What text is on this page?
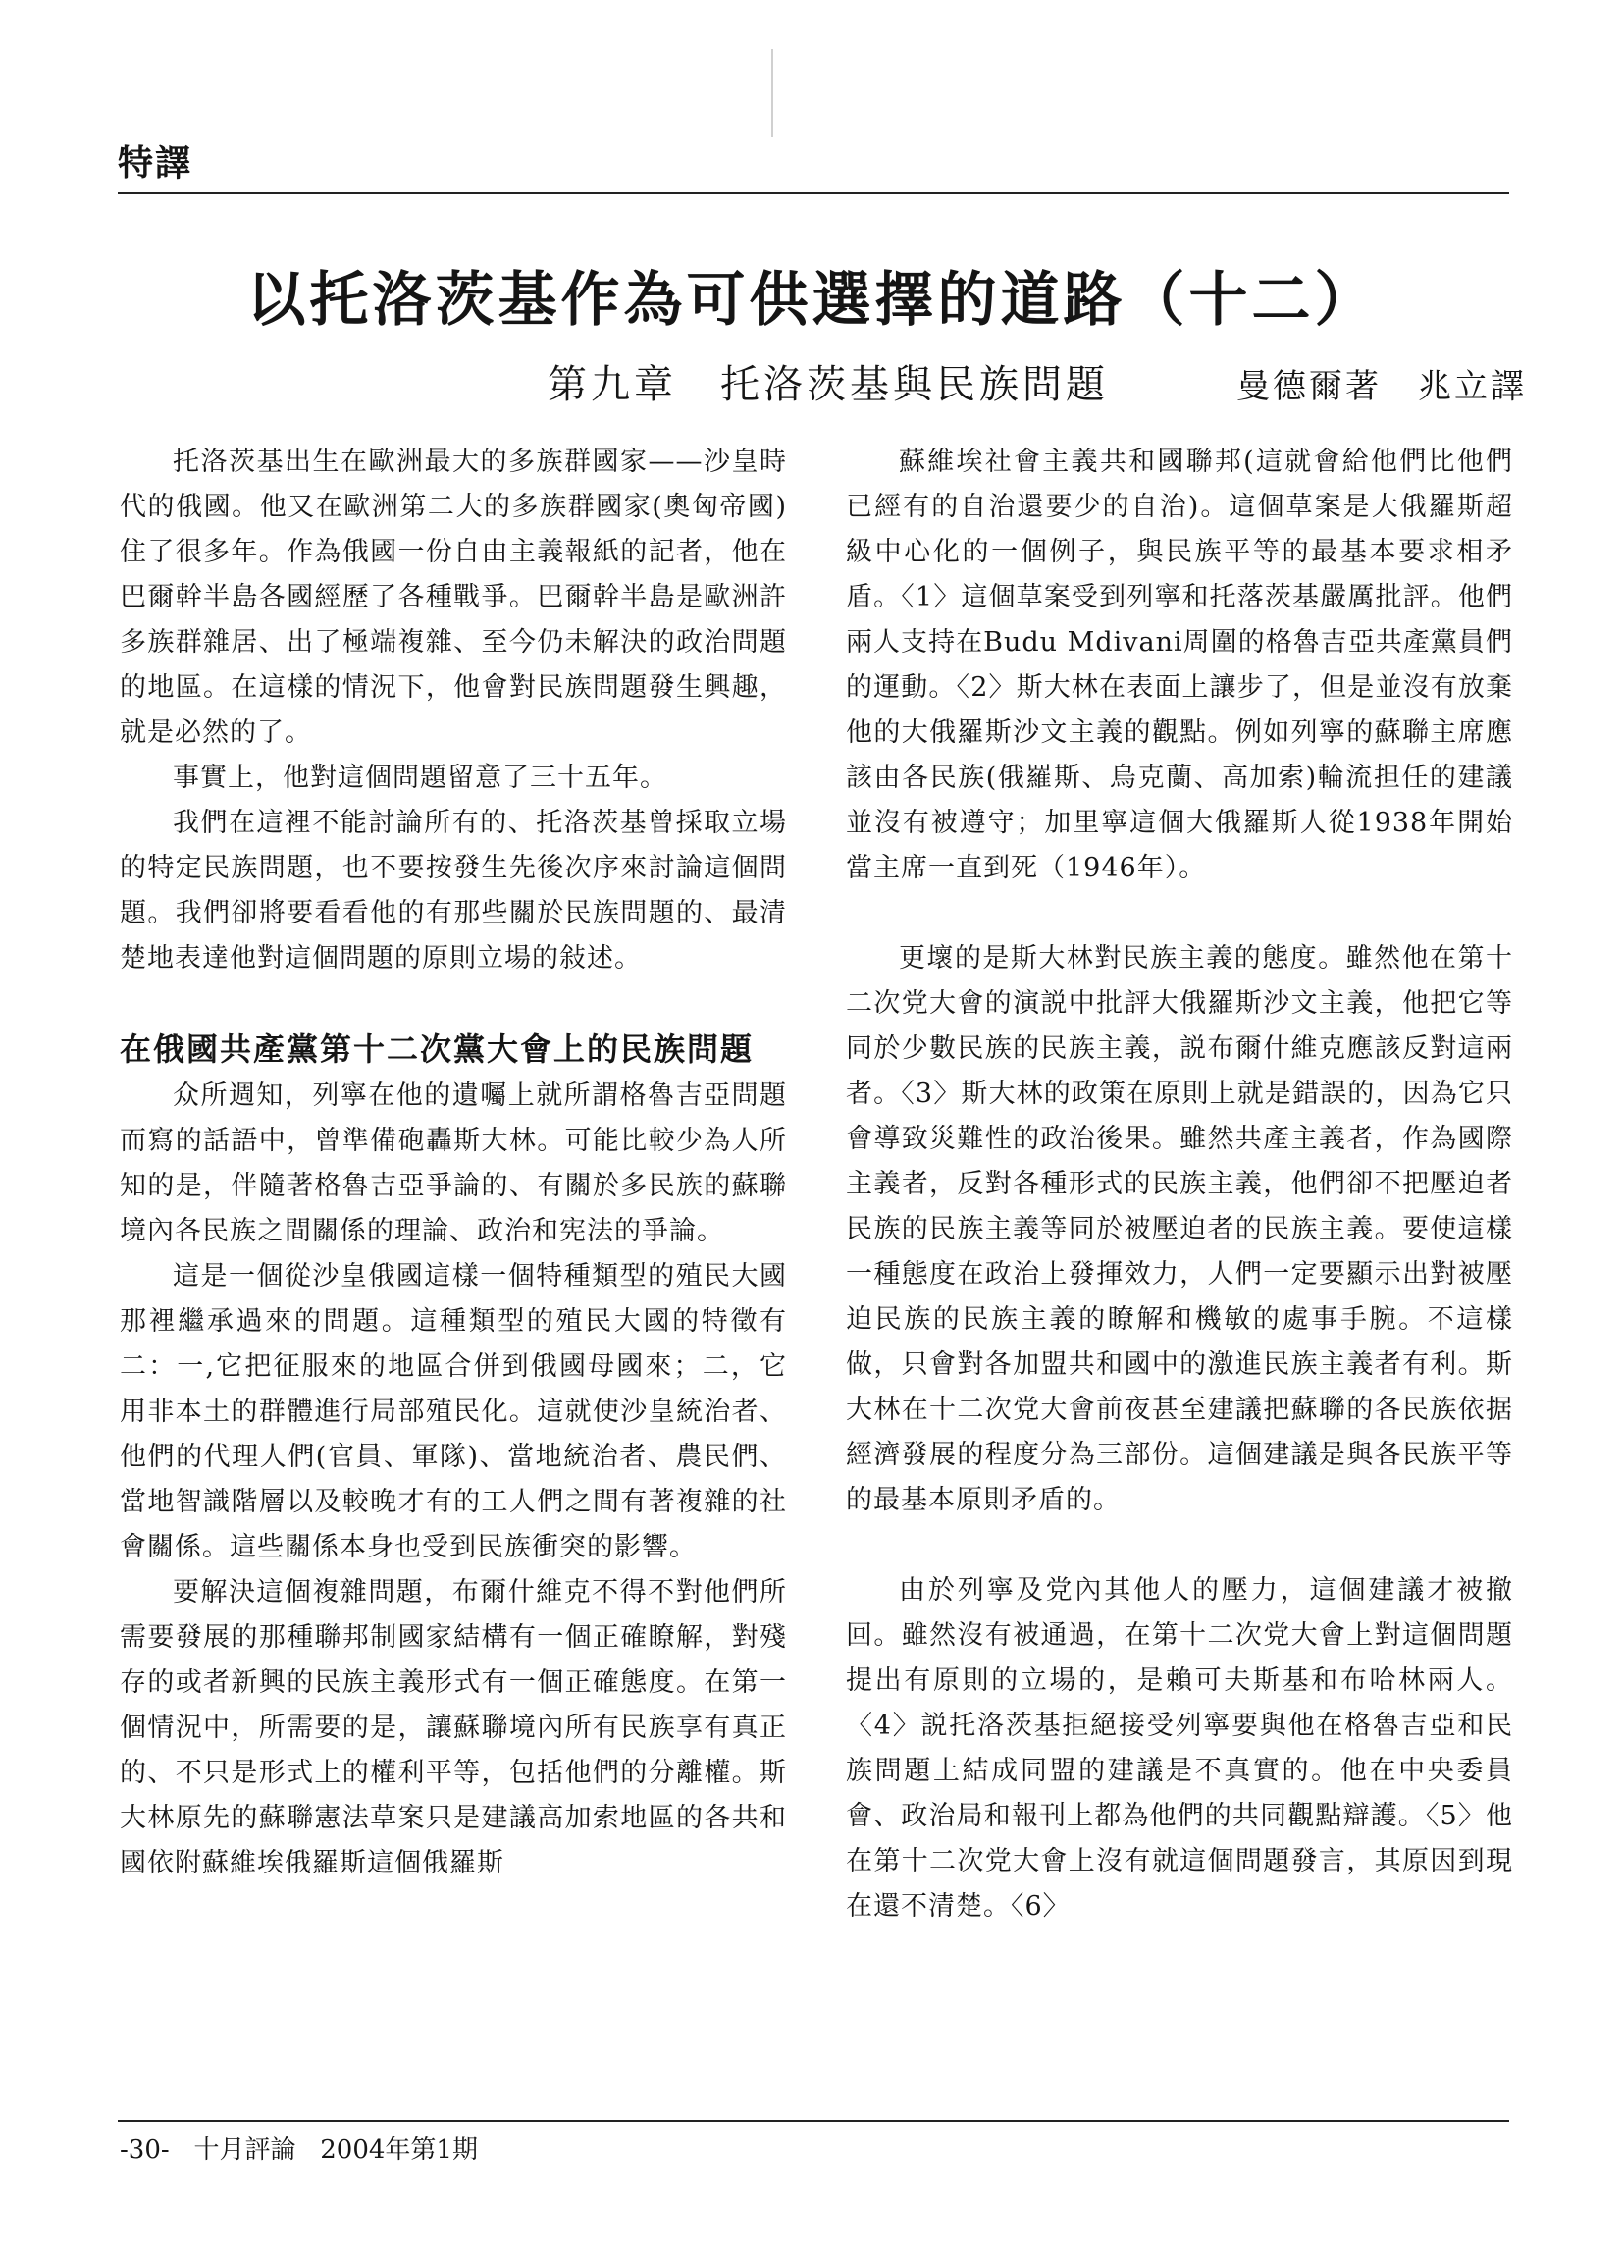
特譯
以托洛茨基作為可供選擇的道路（十二）
第九章　托洛茨基與民族問題	曼德爾著　兆立譯

托洛茨基出生在歐洲最大的多族群國家——沙皇時代的俄國。他又在歐洲第二大的多族群國家(奧匈帝國)住了很多年。作為俄國一份自由主義報紙的記者，他在巴爾幹半島各國經歷了各種戰爭。巴爾幹半島是歐洲許多族群雜居、出了極端複雜、至今仍未解決的政治問題的地區。在這樣的情況下，他會對民族問題發生興趣，就是必然的了。

事實上，他對這個問題留意了三十五年。

我們在這裡不能討論所有的、托洛茨基曾採取立場的特定民族問題，也不要按發生先後次序來討論這個問題。我們卻將要看看他的有那些關於民族問題的、最清楚地表達他對這個問題的原則立場的敍述。

在俄國共產黨第十二次黨大會上的民族問題

众所週知，列寧在他的遺囑上就所謂格魯吉亞問題而寫的話語中，曾準備砲轟斯大林。可能比較少為人所知的是，伴隨著格魯吉亞爭論的、有關於多民族的蘇聯境內各民族之間關係的理論、政治和宪法的爭論。

這是一個從沙皇俄國這樣一個特種類型的殖民大國那裡繼承過來的問題。這種類型的殖民大國的特徵有二：一,它把征服來的地區合併到俄國母國來；二，它用非本土的群體進行局部殖民化。這就使沙皇統治者、他們的代理人們(官員、軍隊)、當地統治者、農民們、當地智識階層以及較晚才有的工人們之間有著複雜的社會關係。這些關係本身也受到民族衝突的影響。

要解決這個複雜問題，布爾什維克不得不對他們所需要發展的那種聯邦制國家結構有一個正確瞭解，對殘存的或者新興的民族主義形式有一個正確態度。在第一個情況中，所需要的是，讓蘇聯境內所有民族享有真正的、不只是形式上的權利平等，包括他們的分離權。斯大林原先的蘇聯憲法草案只是建議高加索地區的各共和國依附蘇維埃俄羅斯這個俄羅斯

蘇維埃社會主義共和國聯邦(這就會給他們比他們已經有的自治還要少的自治)。這個草案是大俄羅斯超級中心化的一個例子，與民族平等的最基本要求相矛盾。〈1〉這個草案受到列寧和托落茨基嚴厲批評。他們兩人支持在Budu Mdivani周圍的格魯吉亞共產黨員們的運動。〈2〉斯大林在表面上讓步了，但是並沒有放棄他的大俄羅斯沙文主義的觀點。例如列寧的蘇聯主席應該由各民族(俄羅斯、烏克蘭、高加索)輪流担任的建議並沒有被遵守；加里寧這個大俄羅斯人從1938年開始當主席一直到死（1946年）。

更壞的是斯大林對民族主義的態度。雖然他在第十二次党大會的演説中批評大俄羅斯沙文主義，他把它等同於少數民族的民族主義，説布爾什維克應該反對這兩者。〈3〉斯大林的政策在原則上就是錯誤的，因為它只會導致災難性的政治後果。雖然共產主義者，作為國際主義者，反對各種形式的民族主義，他們卻不把壓迫者民族的民族主義等同於被壓迫者的民族主義。要使這樣一種態度在政治上發揮效力，人們一定要顯示出對被壓迫民族的民族主義的瞭解和機敏的處事手腕。不這樣做，只會對各加盟共和國中的激進民族主義者有利。斯大林在十二次党大會前夜甚至建議把蘇聯的各民族依据經濟發展的程度分為三部份。這個建議是與各民族平等的最基本原則矛盾的。

由於列寧及党內其他人的壓力，這個建議才被撤回。雖然沒有被通過，在第十二次党大會上對這個問題提出有原則的立場的，是賴可夫斯基和布哈林兩人。〈4〉説托洛茨基拒絕接受列寧要與他在格魯吉亞和民族問題上結成同盟的建議是不真實的。他在中央委員會、政治局和報刊上都為他們的共同觀點辯護。〈5〉他在第十二次党大會上沒有就這個問題發言，其原因到現在還不清楚。〈6〉

-30- 十月評論 2004年第1期
